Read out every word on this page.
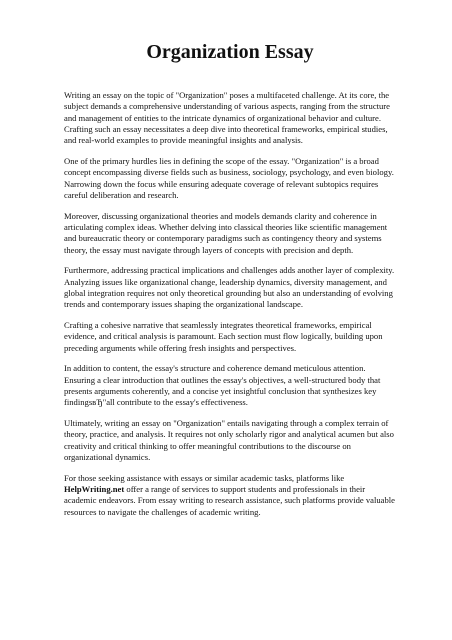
Organization Essay

Writing an essay on the topic of "Organization" poses a multifaceted challenge. At its core, the subject demands a comprehensive understanding of various aspects, ranging from the structure and management of entities to the intricate dynamics of organizational behavior and culture. Crafting such an essay necessitates a deep dive into theoretical frameworks, empirical studies, and real-world examples to provide meaningful insights and analysis.

One of the primary hurdles lies in defining the scope of the essay. "Organization" is a broad concept encompassing diverse fields such as business, sociology, psychology, and even biology. Narrowing down the focus while ensuring adequate coverage of relevant subtopics requires careful deliberation and research.

Moreover, discussing organizational theories and models demands clarity and coherence in articulating complex ideas. Whether delving into classical theories like scientific management and bureaucratic theory or contemporary paradigms such as contingency theory and systems theory, the essay must navigate through layers of concepts with precision and depth.

Furthermore, addressing practical implications and challenges adds another layer of complexity. Analyzing issues like organizational change, leadership dynamics, diversity management, and global integration requires not only theoretical grounding but also an understanding of evolving trends and contemporary issues shaping the organizational landscape.

Crafting a cohesive narrative that seamlessly integrates theoretical frameworks, empirical evidence, and critical analysis is paramount. Each section must flow logically, building upon preceding arguments while offering fresh insights and perspectives.

In addition to content, the essay's structure and coherence demand meticulous attention. Ensuring a clear introduction that outlines the essay's objectives, a well-structured body that presents arguments coherently, and a concise yet insightful conclusion that synthesizes key findingsвЂ"all contribute to the essay's effectiveness.

Ultimately, writing an essay on "Organization" entails navigating through a complex terrain of theory, practice, and analysis. It requires not only scholarly rigor and analytical acumen but also creativity and critical thinking to offer meaningful contributions to the discourse on organizational dynamics.

For those seeking assistance with essays or similar academic tasks, platforms like
HelpWriting.net offer a range of services to support students and professionals in their academic endeavors. From essay writing to research assistance, such platforms provide valuable resources to navigate the challenges of academic writing.
